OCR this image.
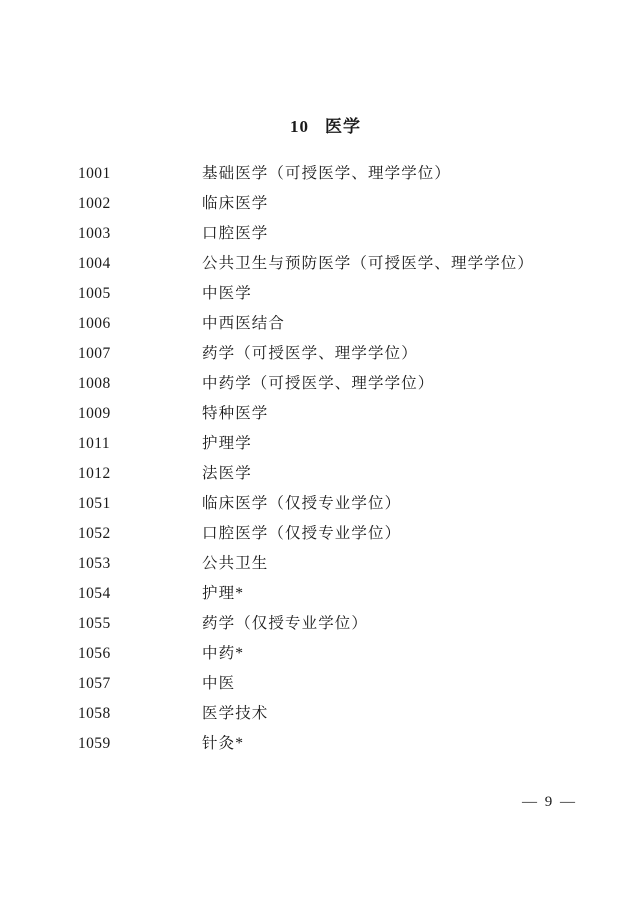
10 医学
1001	基础医学（可授医学、理学学位）
1002	临床医学
1003	口腔医学
1004	公共卫生与预防医学（可授医学、理学学位）
1005	中医学
1006	中西医结合
1007	药学（可授医学、理学学位）
1008	中药学（可授医学、理学学位）
1009	特种医学
1011	护理学
1012	法医学
1051	临床医学（仅授专业学位）
1052	口腔医学（仅授专业学位）
1053	公共卫生
1054	护理*
1055	药学（仅授专业学位）
1056	中药*
1057	中医
1058	医学技术
1059	针灸*
— 9 —
